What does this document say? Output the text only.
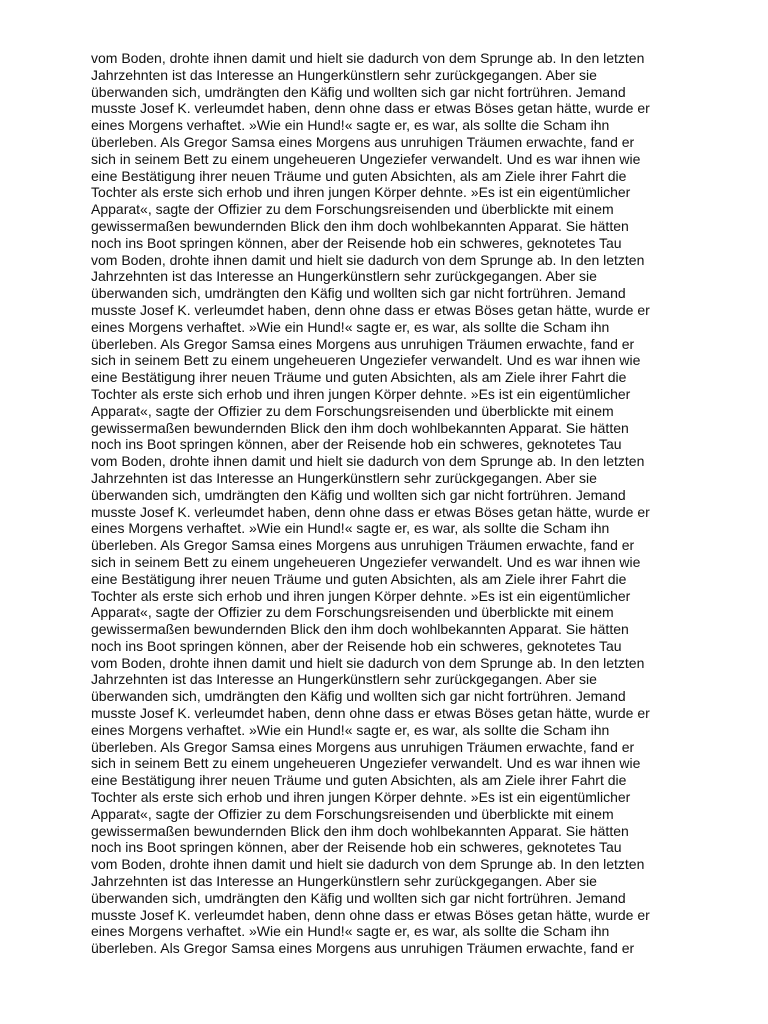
vom Boden, drohte ihnen damit und hielt sie dadurch von dem Sprunge ab. In den letzten
Jahrzehnten ist das Interesse an Hungerkünstlern sehr zurückgegangen. Aber sie
überwanden sich, umdrängten den Käfig und wollten sich gar nicht fortrühren. Jemand
musste Josef K. verleumdet haben, denn ohne dass er etwas Böses getan hätte, wurde er
eines Morgens verhaftet. »Wie ein Hund!« sagte er, es war, als sollte die Scham ihn
überleben. Als Gregor Samsa eines Morgens aus unruhigen Träumen erwachte, fand er
sich in seinem Bett zu einem ungeheueren Ungeziefer verwandelt. Und es war ihnen wie
eine Bestätigung ihrer neuen Träume und guten Absichten, als am Ziele ihrer Fahrt die
Tochter als erste sich erhob und ihren jungen Körper dehnte. »Es ist ein eigentümlicher
Apparat«, sagte der Offizier zu dem Forschungsreisenden und überblickte mit einem
gewissermaßen bewundernden Blick den ihm doch wohlbekannten Apparat. Sie hätten
noch ins Boot springen können, aber der Reisende hob ein schweres, geknotetes Tau
vom Boden, drohte ihnen damit und hielt sie dadurch von dem Sprunge ab. In den letzten
Jahrzehnten ist das Interesse an Hungerkünstlern sehr zurückgegangen. Aber sie
überwanden sich, umdrängten den Käfig und wollten sich gar nicht fortrühren. Jemand
musste Josef K. verleumdet haben, denn ohne dass er etwas Böses getan hätte, wurde er
eines Morgens verhaftet. »Wie ein Hund!« sagte er, es war, als sollte die Scham ihn
überleben. Als Gregor Samsa eines Morgens aus unruhigen Träumen erwachte, fand er
sich in seinem Bett zu einem ungeheueren Ungeziefer verwandelt. Und es war ihnen wie
eine Bestätigung ihrer neuen Träume und guten Absichten, als am Ziele ihrer Fahrt die
Tochter als erste sich erhob und ihren jungen Körper dehnte. »Es ist ein eigentümlicher
Apparat«, sagte der Offizier zu dem Forschungsreisenden und überblickte mit einem
gewissermaßen bewundernden Blick den ihm doch wohlbekannten Apparat. Sie hätten
noch ins Boot springen können, aber der Reisende hob ein schweres, geknotetes Tau
vom Boden, drohte ihnen damit und hielt sie dadurch von dem Sprunge ab. In den letzten
Jahrzehnten ist das Interesse an Hungerkünstlern sehr zurückgegangen. Aber sie
überwanden sich, umdrängten den Käfig und wollten sich gar nicht fortrühren. Jemand
musste Josef K. verleumdet haben, denn ohne dass er etwas Böses getan hätte, wurde er
eines Morgens verhaftet. »Wie ein Hund!« sagte er, es war, als sollte die Scham ihn
überleben. Als Gregor Samsa eines Morgens aus unruhigen Träumen erwachte, fand er
sich in seinem Bett zu einem ungeheueren Ungeziefer verwandelt. Und es war ihnen wie
eine Bestätigung ihrer neuen Träume und guten Absichten, als am Ziele ihrer Fahrt die
Tochter als erste sich erhob und ihren jungen Körper dehnte. »Es ist ein eigentümlicher
Apparat«, sagte der Offizier zu dem Forschungsreisenden und überblickte mit einem
gewissermaßen bewundernden Blick den ihm doch wohlbekannten Apparat. Sie hätten
noch ins Boot springen können, aber der Reisende hob ein schweres, geknotetes Tau
vom Boden, drohte ihnen damit und hielt sie dadurch von dem Sprunge ab. In den letzten
Jahrzehnten ist das Interesse an Hungerkünstlern sehr zurückgegangen. Aber sie
überwanden sich, umdrängten den Käfig und wollten sich gar nicht fortrühren. Jemand
musste Josef K. verleumdet haben, denn ohne dass er etwas Böses getan hätte, wurde er
eines Morgens verhaftet. »Wie ein Hund!« sagte er, es war, als sollte die Scham ihn
überleben. Als Gregor Samsa eines Morgens aus unruhigen Träumen erwachte, fand er
sich in seinem Bett zu einem ungeheueren Ungeziefer verwandelt. Und es war ihnen wie
eine Bestätigung ihrer neuen Träume und guten Absichten, als am Ziele ihrer Fahrt die
Tochter als erste sich erhob und ihren jungen Körper dehnte. »Es ist ein eigentümlicher
Apparat«, sagte der Offizier zu dem Forschungsreisenden und überblickte mit einem
gewissermaßen bewundernden Blick den ihm doch wohlbekannten Apparat. Sie hätten
noch ins Boot springen können, aber der Reisende hob ein schweres, geknotetes Tau
vom Boden, drohte ihnen damit und hielt sie dadurch von dem Sprunge ab. In den letzten
Jahrzehnten ist das Interesse an Hungerkünstlern sehr zurückgegangen. Aber sie
überwanden sich, umdrängten den Käfig und wollten sich gar nicht fortrühren. Jemand
musste Josef K. verleumdet haben, denn ohne dass er etwas Böses getan hätte, wurde er
eines Morgens verhaftet. »Wie ein Hund!« sagte er, es war, als sollte die Scham ihn
überleben. Als Gregor Samsa eines Morgens aus unruhigen Träumen erwachte, fand er
